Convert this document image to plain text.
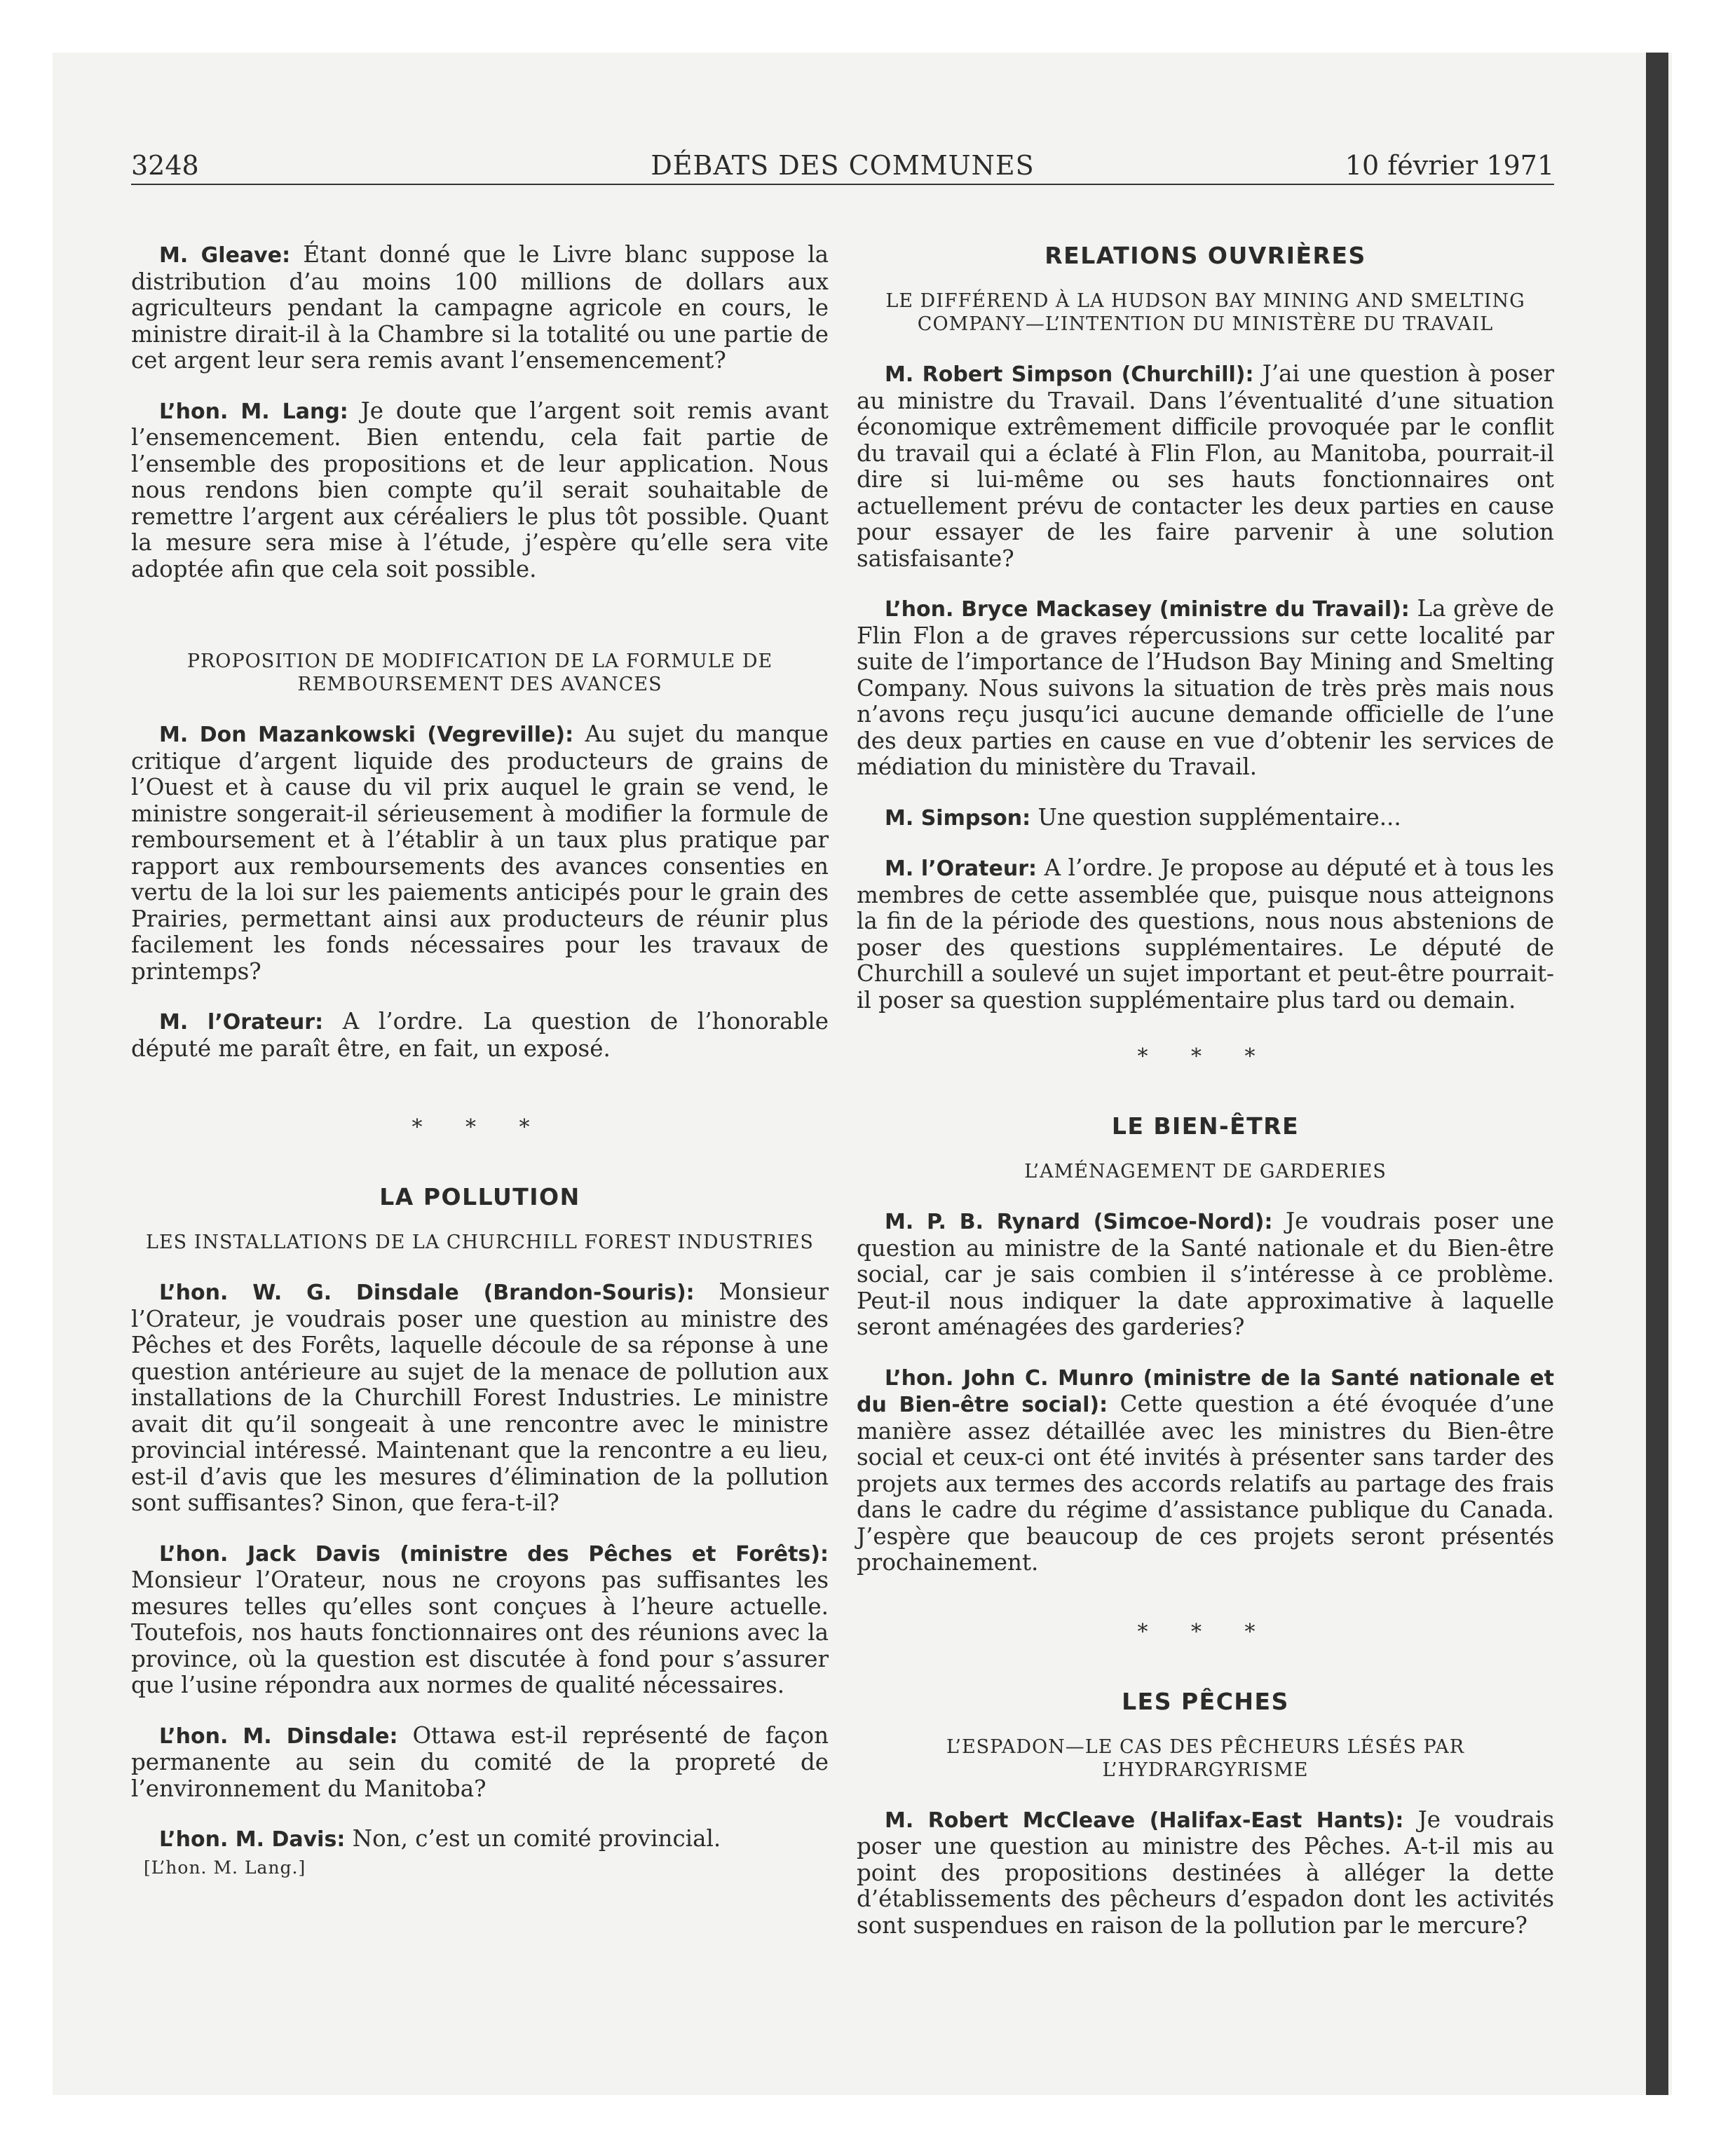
3248	DÉBATS DES COMMUNES	10 février 1971

M. Gleave: Étant donné que le Livre blanc suppose la distribution d’au moins 100 millions de dollars aux agriculteurs pendant la campagne agricole en cours, le ministre dirait-il à la Chambre si la totalité ou une partie de cet argent leur sera remis avant l’ensemencement?

L’hon. M. Lang: Je doute que l’argent soit remis avant l’ensemencement. Bien entendu, cela fait partie de l’ensemble des propositions et de leur application. Nous nous rendons bien compte qu’il serait souhaitable de remettre l’argent aux céréaliers le plus tôt possible. Quant la mesure sera mise à l’étude, j’espère qu’elle sera vite adoptée afin que cela soit possible.

PROPOSITION DE MODIFICATION DE LA FORMULE DE REMBOURSEMENT DES AVANCES

M. Don Mazankowski (Vegreville): Au sujet du manque critique d’argent liquide des producteurs de grains de l’Ouest et à cause du vil prix auquel le grain se vend, le ministre songerait-il sérieusement à modifier la formule de remboursement et à l’établir à un taux plus pratique par rapport aux remboursements des avances consenties en vertu de la loi sur les paiements anticipés pour le grain des Prairies, permettant ainsi aux producteurs de réunir plus facilement les fonds nécessaires pour les travaux de printemps?

M. l’Orateur: A l’ordre. La question de l’honorable député me paraît être, en fait, un exposé.

* * *
LA POLLUTION
LES INSTALLATIONS DE LA CHURCHILL FOREST INDUSTRIES

L’hon. W. G. Dinsdale (Brandon-Souris): Monsieur l’Orateur, je voudrais poser une question au ministre des Pêches et des Forêts, laquelle découle de sa réponse à une question antérieure au sujet de la menace de pollution aux installations de la Churchill Forest Industries. Le ministre avait dit qu’il songeait à une rencontre avec le ministre provincial intéressé. Maintenant que la rencontre a eu lieu, est-il d’avis que les mesures d’élimination de la pollution sont suffisantes? Sinon, que fera-t-il?

L’hon. Jack Davis (ministre des Pêches et Forêts): Monsieur l’Orateur, nous ne croyons pas suffisantes les mesures telles qu’elles sont conçues à l’heure actuelle. Toutefois, nos hauts fonctionnaires ont des réunions avec la province, où la question est discutée à fond pour s’assurer que l’usine répondra aux normes de qualité nécessaires.

L’hon. M. Dinsdale: Ottawa est-il représenté de façon permanente au sein du comité de la propreté de l’environnement du Manitoba?

L’hon. M. Davis: Non, c’est un comité provincial.

[L’hon. M. Lang.]
RELATIONS OUVRIÈRES
LE DIFFÉREND À LA HUDSON BAY MINING AND SMELTING COMPANY—L’INTENTION DU MINISTÈRE DU TRAVAIL

M. Robert Simpson (Churchill): J’ai une question à poser au ministre du Travail. Dans l’éventualité d’une situation économique extrêmement difficile provoquée par le conflit du travail qui a éclaté à Flin Flon, au Manitoba, pourrait-il dire si lui-même ou ses hauts fonctionnaires ont actuellement prévu de contacter les deux parties en cause pour essayer de les faire parvenir à une solution satisfaisante?

L’hon. Bryce Mackasey (ministre du Travail): La grève de Flin Flon a de graves répercussions sur cette localité par suite de l’importance de l’Hudson Bay Mining and Smelting Company. Nous suivons la situation de très près mais nous n’avons reçu jusqu’ici aucune demande officielle de l’une des deux parties en cause en vue d’obtenir les services de médiation du ministère du Travail.

M. Simpson: Une question supplémentaire...

M. l’Orateur: A l’ordre. Je propose au député et à tous les membres de cette assemblée que, puisque nous atteignons la fin de la période des questions, nous nous abstenions de poser des questions supplémentaires. Le député de Churchill a soulevé un sujet important et peut-être pourrait-il poser sa question supplémentaire plus tard ou demain.

* * *
LE BIEN-ÊTRE
L’AMÉNAGEMENT DE GARDERIES

M. P. B. Rynard (Simcoe-Nord): Je voudrais poser une question au ministre de la Santé nationale et du Bien-être social, car je sais combien il s’intéresse à ce problème. Peut-il nous indiquer la date approximative à laquelle seront aménagées des garderies?

L’hon. John C. Munro (ministre de la Santé nationale et du Bien-être social): Cette question a été évoquée d’une manière assez détaillée avec les ministres du Bien-être social et ceux-ci ont été invités à présenter sans tarder des projets aux termes des accords relatifs au partage des frais dans le cadre du régime d’assistance publique du Canada. J’espère que beaucoup de ces projets seront présentés prochainement.

* * *
LES PÊCHES
L’ESPADON—LE CAS DES PÊCHEURS LÉSÉS PAR L’HYDRARGYRISME

M. Robert McCleave (Halifax-East Hants): Je voudrais poser une question au ministre des Pêches. A-t-il mis au point des propositions destinées à alléger la dette d’établissements des pêcheurs d’espadon dont les activités sont suspendues en raison de la pollution par le mercure?
